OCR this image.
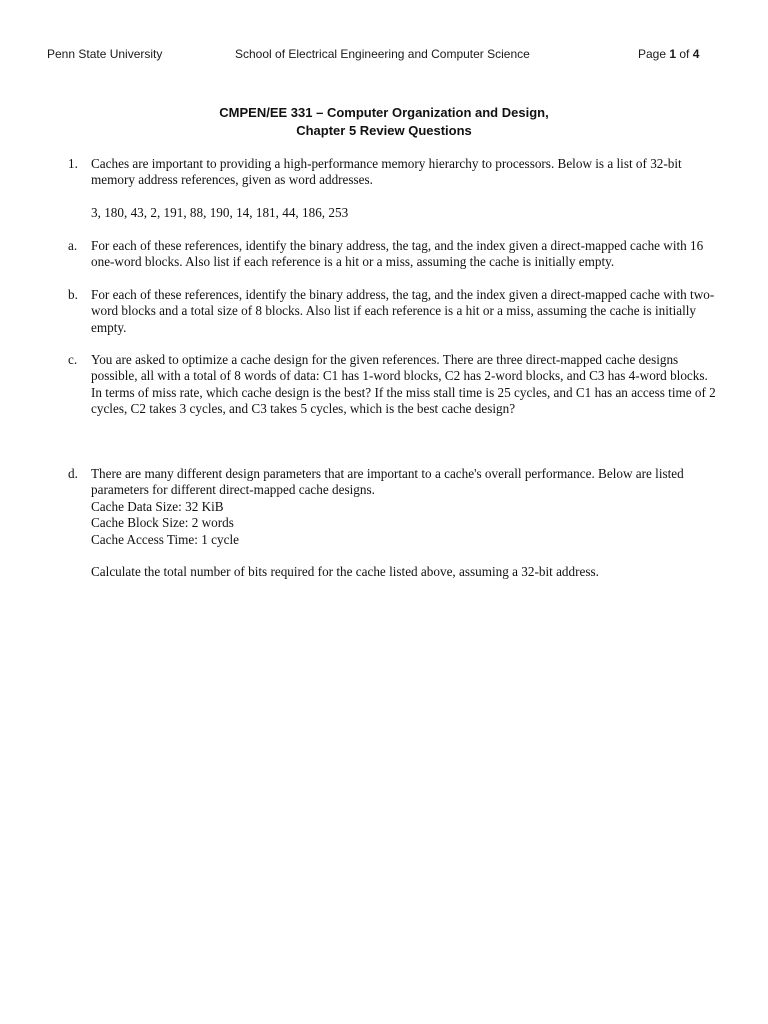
Penn State University	School of Electrical Engineering and Computer Science	Page 1 of 4
CMPEN/EE 331 – Computer Organization and Design,
Chapter 5 Review Questions
1. Caches are important to providing a high-performance memory hierarchy to processors. Below is a list of 32-bit memory address references, given as word addresses.

3, 180, 43, 2, 191, 88, 190, 14, 181, 44, 186, 253

a.	For each of these references, identify the binary address, the tag, and the index given a direct-mapped cache with 16 one-word blocks. Also list if each reference is a hit or a miss, assuming the cache is initially empty.
b. For each of these references, identify the binary address, the tag, and the index given a direct-mapped cache with two-word blocks and a total size of 8 blocks. Also list if each reference is a hit or a miss, assuming the cache is initially empty.
c.	You are asked to optimize a cache design for the given references. There are three direct-mapped cache designs possible, all with a total of 8 words of data: C1 has 1-word blocks, C2 has 2-word blocks, and C3 has 4-word blocks. In terms of miss rate, which cache design is the best? If the miss stall time is 25 cycles, and C1 has an access time of 2 cycles, C2 takes 3 cycles, and C3 takes 5 cycles, which is the best cache design?
d. There are many different design parameters that are important to a cache's overall performance. Below are listed parameters for different direct-mapped cache designs.

Cache Data Size: 32 KiB

Cache Block Size: 2 words

Cache Access Time: 1 cycle

Calculate the total number of bits required for the cache listed above, assuming a 32-bit address.
